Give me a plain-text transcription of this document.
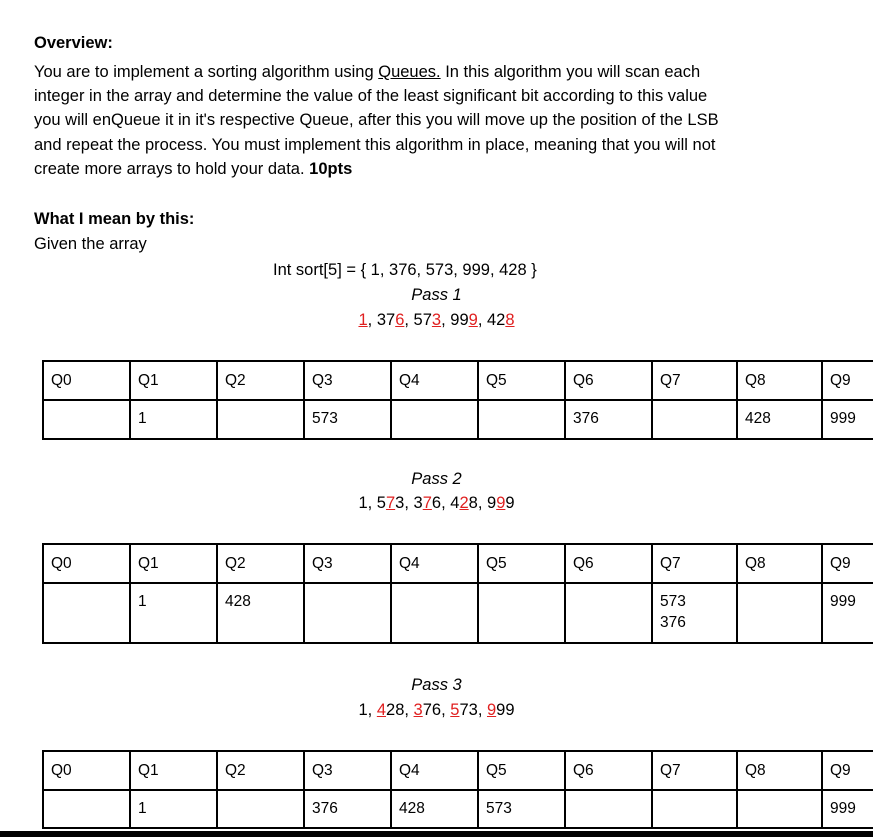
Overview:
You are to implement a sorting algorithm using Queues. In this algorithm you will scan each
integer in the array and determine the value of the least significant bit according to this value
you will enQueue it in it's respective Queue, after this you will move up the position of the LSB
and repeat the process. You must implement this algorithm in place, meaning that you will not
create more arrays to hold your data. 10pts
What I mean by this:
Given the array
Int sort[5] = { 1, 376, 573, 999, 428 }
Pass 1
1, 376, 573, 999, 428
Pass 2
1, 573, 376, 428, 999
Pass 3
1, 428, 376, 573, 999
Q0	Q1	Q2	Q3	Q4	Q5	Q6	Q7	Q8	Q9
	1		573			376		428	999
Q0	Q1	Q2	Q3	Q4	Q5	Q6	Q7	Q8	Q9
	1	428					573
376		999
Q0	Q1	Q2	Q3	Q4	Q5	Q6	Q7	Q8	Q9
	1		376	428	573				999
